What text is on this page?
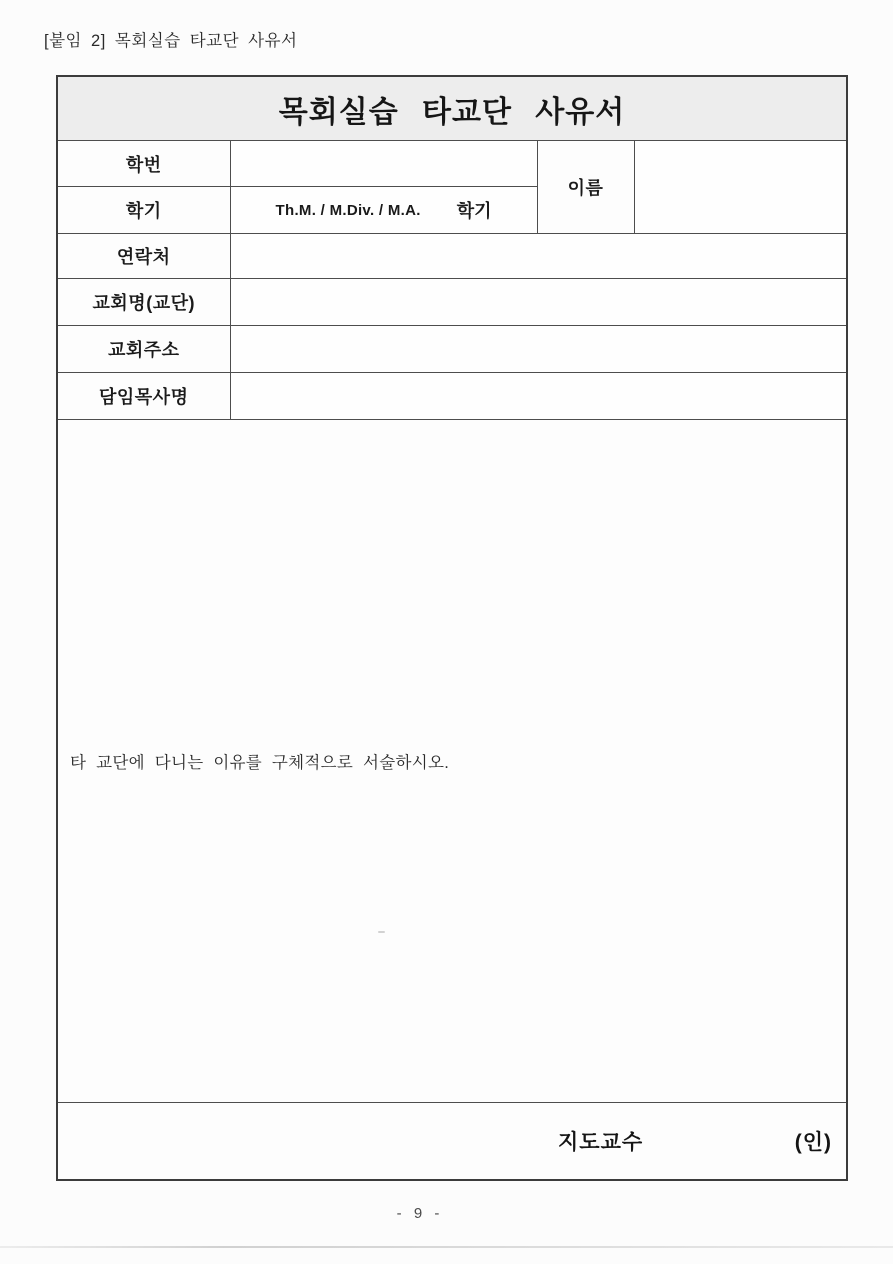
[붙임 2] 목회실습 타교단 사유서
목회실습 타교단 사유서			
학번		이름	
학기	Th.M. / M.Div. / M.A. 학기		

연락처			
교회명(교단)			
교회주소			
담임목사명			

타 교단에 다니는 이유를 구체적으로 서술하시오.			

지도교수 (인)			
- 9 -
